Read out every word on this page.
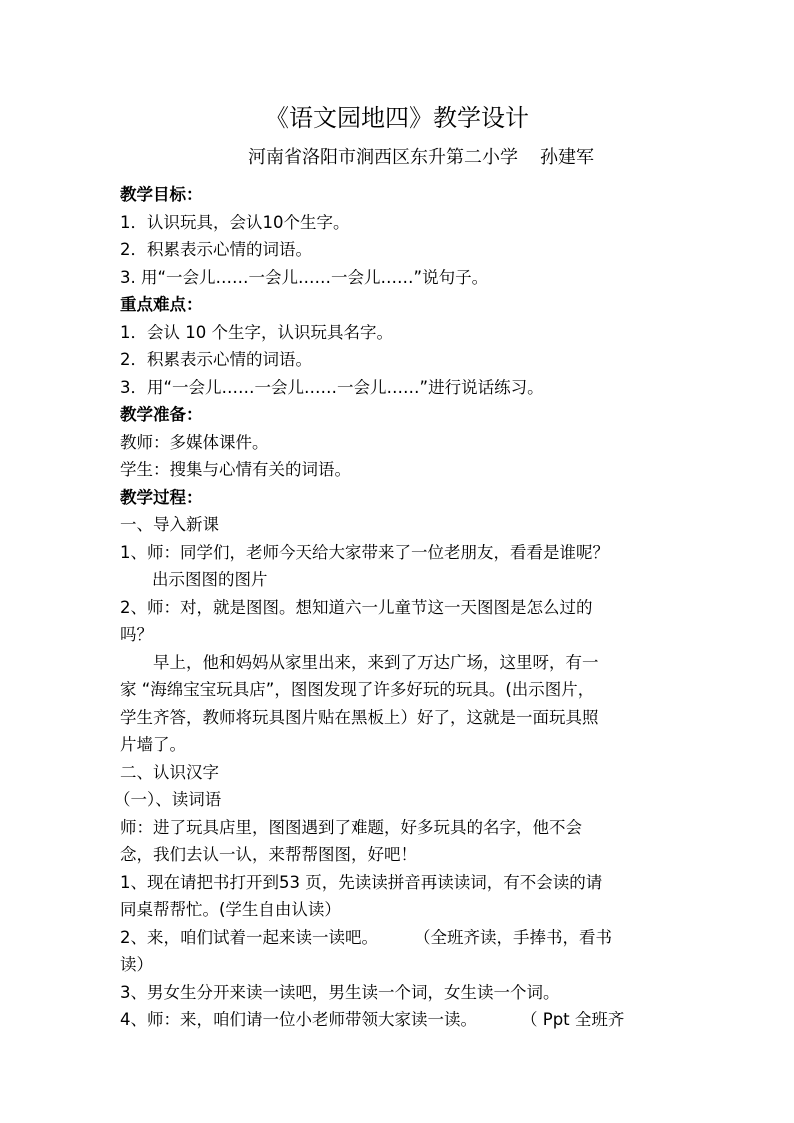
《语文园地四》教学设计
河南省洛阳市涧西区东升第二小学 孙建军
教学目标：
1．认识玩具，会认10个生字。
2．积累表示心情的词语。
3. 用“一会儿……一会儿……一会儿……”说句子。
重点难点：
1．会认 10 个生字，认识玩具名字。
2．积累表示心情的词语。
3．用“一会儿……一会儿……一会儿……”进行说话练习。
教学准备：
教师：多媒体课件。
学生：搜集与心情有关的词语。
教学过程：
一、导入新课
1、师：同学们，老师今天给大家带来了一位老朋友，看看是谁呢？
出示图图的图片
2、师：对，就是图图。想知道六一儿童节这一天图图是怎么过的
吗？
早上，他和妈妈从家里出来，来到了万达广场，这里呀，有一
家 “海绵宝宝玩具店”，图图发现了许多好玩的玩具。(出示图片，
学生齐答，教师将玩具图片贴在黑板上）好了，这就是一面玩具照
片墙了。
二、认识汉字
（一）、读词语
师：进了玩具店里，图图遇到了难题，好多玩具的名字，他不会
念，我们去认一认，来帮帮图图，好吧！
1、现在请把书打开到53 页，先读读拼音再读读词，有不会读的请
同桌帮帮忙。(学生自由认读）
2、来，咱们试着一起来读一读吧。 （全班齐读，手捧书，看书
读）
3、男女生分开来读一读吧，男生读一个词，女生读一个词。
4、师：来，咱们请一位小老师带领大家读一读。	（ Ppt 全班齐
